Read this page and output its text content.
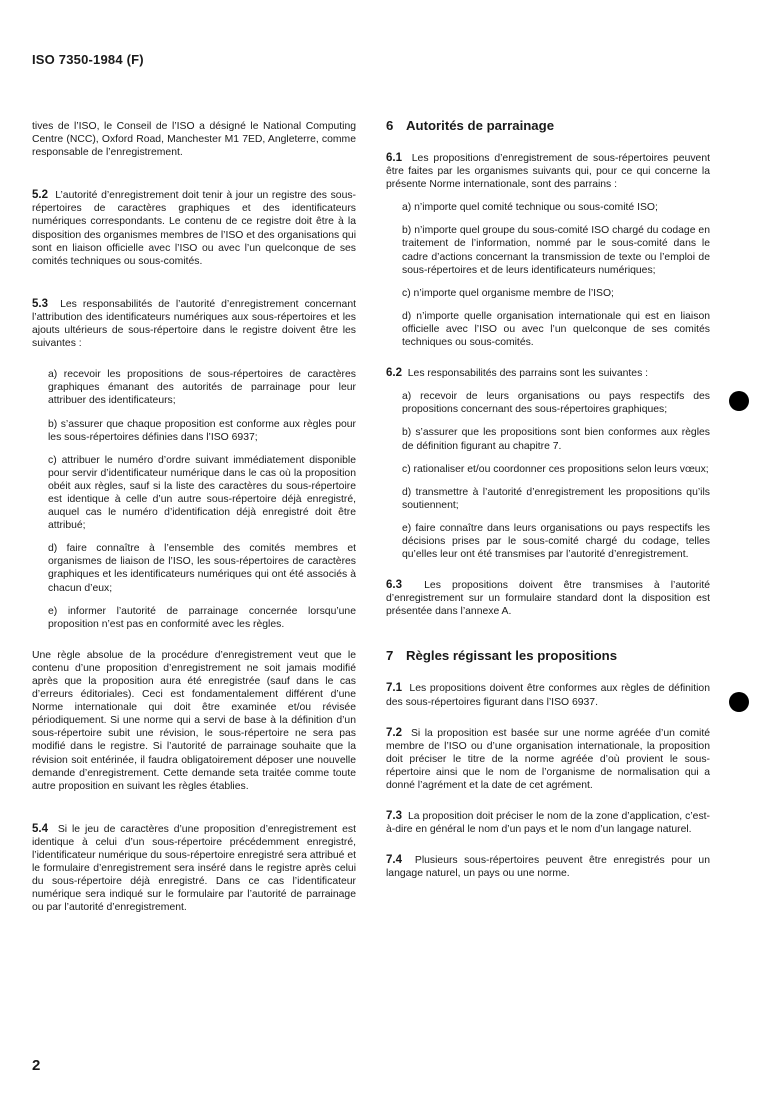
ISO 7350-1984 (F)

tives de l’ISO, le Conseil de l’ISO a désigné le National Computing Centre (NCC), Oxford Road, Manchester M1 7ED, Angleterre, comme responsable de l’enregistrement.

5.2 L’autorité d’enregistrement doit tenir à jour un registre des sous-répertoires de caractères graphiques et des identificateurs numériques correspondants. Le contenu de ce registre doit être à la disposition des organismes membres de l’ISO et des organisations qui sont en liaison officielle avec l’ISO ou avec l’un quelconque de ses comités techniques ou sous-comités.

5.3 Les responsabilités de l’autorité d’enregistrement concernant l’attribution des identificateurs numériques aux sous-répertoires et les ajouts ultérieurs de sous-répertoire dans le registre doivent être les suivantes :

a) recevoir les propositions de sous-répertoires de caractères graphiques émanant des autorités de parrainage pour leur attribuer des identificateurs;

b) s’assurer que chaque proposition est conforme aux règles pour les sous-répertoires définies dans l’ISO 6937;

c) attribuer le numéro d’ordre suivant immédiatement disponible pour servir d’identificateur numérique dans le cas où la proposition obéit aux règles, sauf si la liste des caractères du sous-répertoire est identique à celle d’un autre sous-répertoire déjà enregistré, auquel cas le numéro d’identification déjà enregistré doit être attribué;

d) faire connaître à l’ensemble des comités membres et organismes de liaison de l’ISO, les sous-répertoires de caractères graphiques et les identificateurs numériques qui ont été associés à chacun d’eux;

e) informer l’autorité de parrainage concernée lorsqu’une proposition n’est pas en conformité avec les règles.

Une règle absolue de la procédure d’enregistrement veut que le contenu d’une proposition d’enregistrement ne soit jamais modifié après que la proposition aura été enregistrée (sauf dans le cas d’erreurs éditoriales). Ceci est fondamentalement différent d’une Norme internationale qui doit être examinée et/ou révisée périodiquement. Si une norme qui a servi de base à la définition d’un sous-répertoire subit une révision, le sous-répertoire ne sera pas modifié dans le registre. Si l’autorité de parrainage souhaite que la révision soit entérinée, il faudra obligatoirement déposer une nouvelle demande d’enregistrement. Cette demande seta traitée comme toute autre proposition en suivant les règles établies.

5.4 Si le jeu de caractères d’une proposition d’enregistrement est identique à celui d’un sous-répertoire précédemment enregistré, l’identificateur numérique du sous-répertoire enregistré sera attribué et le formulaire d’enregistrement sera inséré dans le registre après celui du sous-répertoire déjà enregistré. Dans ce cas l’identificateur numérique sera indiqué sur le formulaire par l’autorité de parrainage ou par l’autorité d’enregistrement.

6 Autorités de parrainage

6.1 Les propositions d’enregistrement de sous-répertoires peuvent être faites par les organismes suivants qui, pour ce qui concerne la présente Norme internationale, sont des parrains :

a) n’importe quel comité technique ou sous-comité ISO;

b) n’importe quel groupe du sous-comité ISO chargé du codage en traitement de l’information, nommé par le sous-comité dans le cadre d’actions concernant la transmission de texte ou l’emploi de sous-répertoires et de leurs identificateurs numériques;

c) n’importe quel organisme membre de l’ISO;

d) n’importe quelle organisation internationale qui est en liaison officielle avec l’ISO ou avec l’un quelconque de ses comités techniques ou sous-comités.

6.2 Les responsabilités des parrains sont les suivantes :

a) recevoir de leurs organisations ou pays respectifs des propositions concernant des sous-répertoires graphiques;

b) s’assurer que les propositions sont bien conformes aux règles de définition figurant au chapitre 7.

c) rationaliser et/ou coordonner ces propositions selon leurs vœux;

d) transmettre à l’autorité d’enregistrement les propositions qu’ils soutiennent;

e) faire connaître dans leurs organisations ou pays respectifs les décisions prises par le sous-comité chargé du codage, telles qu’elles leur ont été transmises par l’autorité d’enregistrement.

6.3 Les propositions doivent être transmises à l’autorité d’enregistrement sur un formulaire standard dont la disposition est présentée dans l’annexe A.

7 Règles régissant les propositions

7.1 Les propositions doivent être conformes aux règles de définition des sous-répertoires figurant dans l’ISO 6937.

7.2 Si la proposition est basée sur une norme agréée d’un comité membre de l’ISO ou d’une organisation internationale, la proposition doit préciser le titre de la norme agréée d’où provient le sous-répertoire ainsi que le nom de l’organisme de normalisation qui a donné l’agrément et la date de cet agrément.

7.3 La proposition doit préciser le nom de la zone d’application, c’est-à-dire en général le nom d’un pays et le nom d’un langage naturel.

7.4 Plusieurs sous-répertoires peuvent être enregistrés pour un langage naturel, un pays ou une norme.

2
